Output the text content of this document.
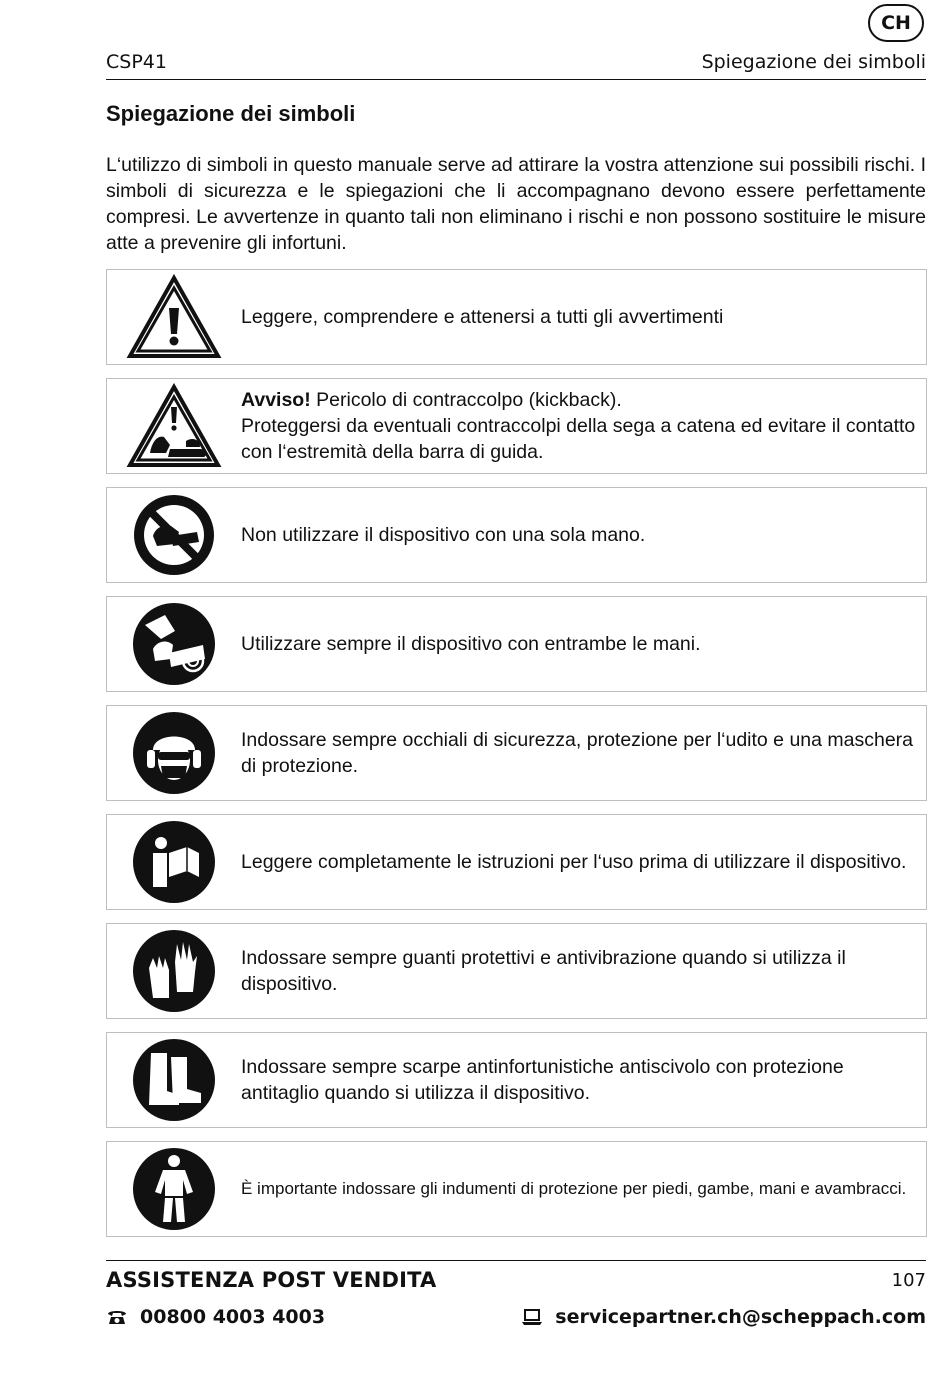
CH
CSP41	Spiegazione dei simboli
Spiegazione dei simboli

L‘utilizzo di simboli in questo manuale serve ad attirare la vostra attenzione sui possibili rischi. I simboli di sicurezza e le spiegazioni che li accompagnano devono essere perfettamente compresi. Le avvertenze in quanto tali non eliminano i rischi e non possono sostituire le misure atte a prevenire gli infortuni.

Leggere, comprendere e attenersi a tutti gli avvertimenti
Avviso! Pericolo di contraccolpo (kickback).
Proteggersi da eventuali contraccolpi della sega a catena ed evitare il contatto con l‘estremità della barra di guida.
Non utilizzare il dispositivo con una sola mano.
Utilizzare sempre il dispositivo con entrambe le mani.
Indossare sempre occhiali di sicurezza, protezione per l‘udito e una maschera di protezione.
Leggere completamente le istruzioni per l‘uso prima di utilizzare il dispositivo.
Indossare sempre guanti protettivi e antivibrazione quando si utilizza il dispositivo.
Indossare sempre scarpe antinfortunistiche antiscivolo con protezione antitaglio quando si utilizza il dispositivo.
È importante indossare gli indumenti di protezione per piedi, gambe, mani e avambracci.
ASSISTENZA POST VENDITA	107
00800 4003 4003	servicepartner.ch@scheppach.com
